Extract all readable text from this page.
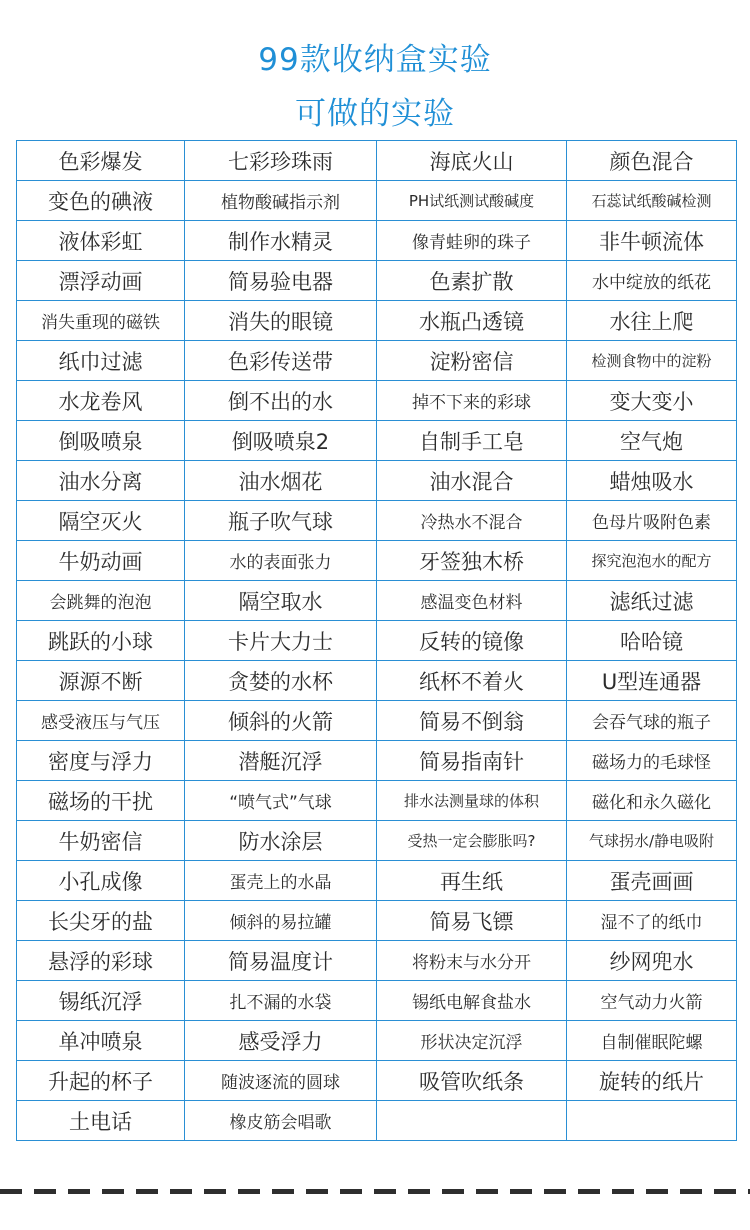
99款收纳盒实验
可做的实验
色彩爆发	七彩珍珠雨	海底火山	颜色混合
变色的碘液	植物酸碱指示剂	PH试纸测试酸碱度	石蕊试纸酸碱检测
液体彩虹	制作水精灵	像青蛙卵的珠子	非牛顿流体
漂浮动画	简易验电器	色素扩散	水中绽放的纸花
消失重现的磁铁	消失的眼镜	水瓶凸透镜	水往上爬
纸巾过滤	色彩传送带	淀粉密信	检测食物中的淀粉
水龙卷风	倒不出的水	掉不下来的彩球	变大变小
倒吸喷泉	倒吸喷泉2	自制手工皂	空气炮
油水分离	油水烟花	油水混合	蜡烛吸水
隔空灭火	瓶子吹气球	冷热水不混合	色母片吸附色素
牛奶动画	水的表面张力	牙签独木桥	探究泡泡水的配方
会跳舞的泡泡	隔空取水	感温变色材料	滤纸过滤
跳跃的小球	卡片大力士	反转的镜像	哈哈镜
源源不断	贪婪的水杯	纸杯不着火	U型连通器
感受液压与气压	倾斜的火箭	简易不倒翁	会吞气球的瓶子
密度与浮力	潜艇沉浮	简易指南针	磁场力的毛球怪
磁场的干扰	“喷气式”气球	排水法测量球的体积	磁化和永久磁化
牛奶密信	防水涂层	受热一定会膨胀吗?	气球拐水/静电吸附
小孔成像	蛋壳上的水晶	再生纸	蛋壳画画
长尖牙的盐	倾斜的易拉罐	简易飞镖	湿不了的纸巾
悬浮的彩球	简易温度计	将粉末与水分开	纱网兜水
锡纸沉浮	扎不漏的水袋	锡纸电解食盐水	空气动力火箭
单冲喷泉	感受浮力	形状决定沉浮	自制催眠陀螺
升起的杯子	随波逐流的圆球	吸管吹纸条	旋转的纸片
土电话	橡皮筋会唱歌		
